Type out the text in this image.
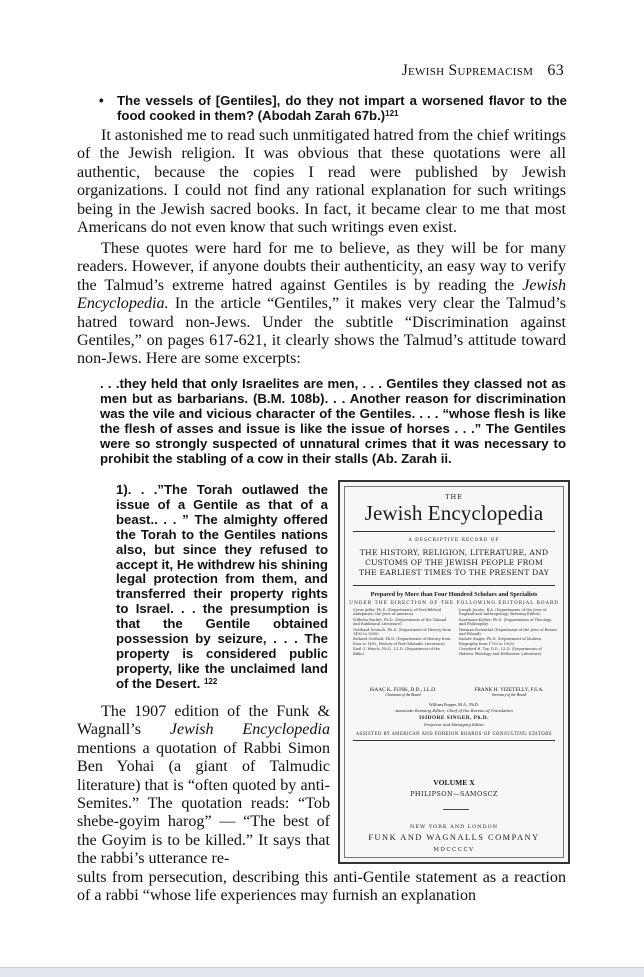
Jewish Supremacism 63
• The vessels of [Gentiles], do they not impart a worsened flavor to the food cooked in them? (Abodah Zarah 67b.)$^{121}$
It astonished me to read such unmitigated hatred from the chief writings of the Jewish religion. It was obvious that these quotations were all authentic, because the copies I read were published by Jewish organizations. I could not find any rational explanation for such writings being in the Jewish sacred books. In fact, it became clear to me that most Americans do not even know that such writings even exist.
These quotes were hard for me to believe, as they will be for many readers. However, if anyone doubts their authenticity, an easy way to verify the Talmud’s extreme hatred against Gentiles is by reading the Jewish Encyclopedia. In the article “Gentiles,” it makes very clear the Talmud’s hatred toward non-Jews. Under the subtitle “Discrimination against Gentiles,” on pages 617-621, it clearly shows the Talmud’s attitude toward non-Jews. Here are some excerpts:
. . .they held that only Israelites are men, . . . Gentiles they classed not as men but as barbarians. (B.M. 108b). . . Another reason for discrimination was the vile and vicious character of the Gentiles. . . . “whose flesh is like the flesh of asses and issue is like the issue of horses . . .” The Gentiles were so strongly suspected of unnatural crimes that it was necessary to prohibit the stabling of a cow in their stalls (Ab. Zarah ii.
1). . .”The Torah outlawed the issue of a Gentile as that of a beast.. . . ” The almighty offered the Torah to the Gentiles nations also, but since they refused to accept it, He withdrew his shining legal protection from them, and transferred their property rights to Israel. . . the presumption is that the Gentile obtained possession by seizure, . . . The property is considered public property, like the unclaimed land of the Desert. $^{122}$
The 1907 edition of the Funk & Wagnall’s Jewish Encyclopedia mentions a quotation of Rabbi Simon Ben Yohai (a giant of Talmudic literature) that is “often quoted by anti-Semites.” The quotation reads: “Tob shebe-goyim harog” — “The best of the Goyim is to be killed.” It says that the rabbi’s utterance re-
sults from persecution, describing this anti-Gentile statement as a reaction of a rabbi “whose life experiences may furnish an explanation
THE
Jewish Encyclopedia
A DESCRIPTIVE RECORD OF
THE HISTORY, RELIGION, LITERATURE, AND CUSTOMS OF THE JEWISH PEOPLE FROM THE EARLIEST TIMES TO THE PRESENT DAY
Prepared by More than Four Hundred Scholars and Specialists
UNDER THE DIRECTION OF THE FOLLOWING EDITORIAL BOARD
Cyrus Adler, Ph.D. (Departments of Post-Biblical Antiquities; the Jews of America).
Wilhelm Bacher, Ph.D. (Departments of the Talmud and Rabbinical Literature).
Gotthard Deutsch, Ph.D. (Department of History from 1492 to 1905).
Richard Gottheil, Ph.D. (Departments of History from Ezra to 1492; History of Post-Talmudic Literature).
Emil G. Hirsch, Ph.D., LL.D. (Department of the Bible).
Joseph Jacobs, B.A. (Departments of the Jews of England and Anthropology; Revising Editor).
Kaufmann Kohler, Ph.D. (Departments of Theology and Philosophy).
Herman Rosenthal (Department of the Jews of Russia and Poland).
Isidore Singer, Ph.D. (Department of Modern Biography from 1750 to 1905).
Crawford H. Toy, D.D., LL.D. (Departments of Hebrew Philology and Hellenistic Literature).
ISAAC K. FUNK, D.D., LL.D.
Chairman of the Board
FRANK H. VIZETELLY, F.S.A.
Secretary of the Board
William Popper, M.A., Ph.D.
Associate Revising Editor; Chief of the Bureau of Translation
ISIDORE SINGER, Ph.D.
Projector and Managing Editor
ASSISTED BY AMERICAN AND FOREIGN BOARDS OF CONSULTING EDITORS
VOLUME X
PHILIPSON—SAMOSCZ
NEW YORK AND LONDON
FUNK AND WAGNALLS COMPANY
MDCCCCV
